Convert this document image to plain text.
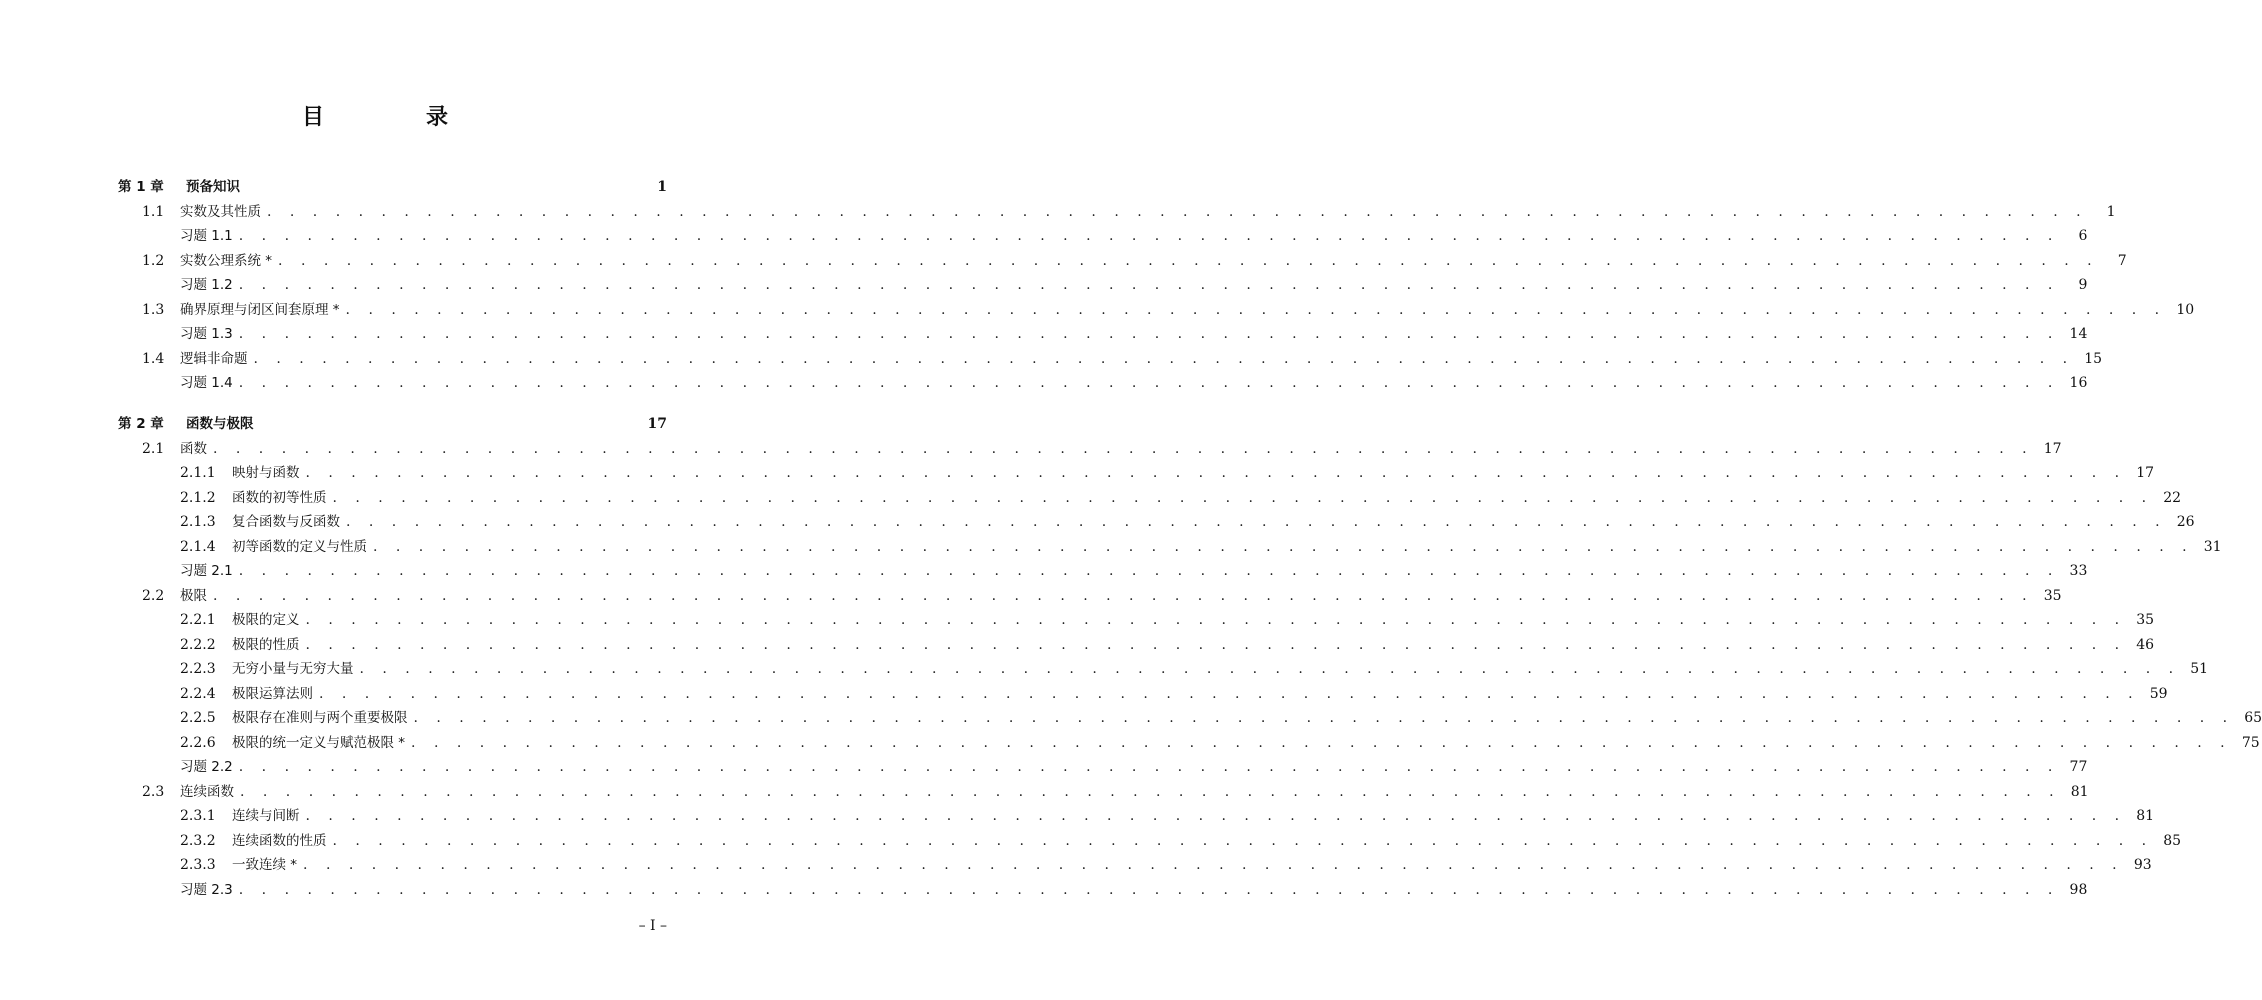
目　录
第 1 章	预备知识	1
1.1	实数及其性质 . . . . . . . . . . . . . . . . . . . . . . . . . . . . . . . . . . . . . . . . . . . . . . . . . . . . . . . . . . . . . . . . . . . . . . . . . . . . . . . .	1
习题 1.1 . . . . . . . . . . . . . . . . . . . . . . . . . . . . . . . . . . . . . . . . . . . . . . . . . . . . . . . . . . . . . . . . . . . . . . . . . . . . . . . .	6
1.2	实数公理系统 * . . . . . . . . . . . . . . . . . . . . . . . . . . . . . . . . . . . . . . . . . . . . . . . . . . . . . . . . . . . . . . . . . . . . . . . . . . . . . . . .	7
习题 1.2 . . . . . . . . . . . . . . . . . . . . . . . . . . . . . . . . . . . . . . . . . . . . . . . . . . . . . . . . . . . . . . . . . . . . . . . . . . . . . . . .	9
1.3	确界原理与闭区间套原理 * . . . . . . . . . . . . . . . . . . . . . . . . . . . . . . . . . . . . . . . . . . . . . . . . . . . . . . . . . . . . . . . . . . . . . . . . . . . . . . . . 10
习题 1.3 . . . . . . . . . . . . . . . . . . . . . . . . . . . . . . . . . . . . . . . . . . . . . . . . . . . . . . . . . . . . . . . . . . . . . . . . . . . . . . . . 14
1.4	逻辑非命题 . . . . . . . . . . . . . . . . . . . . . . . . . . . . . . . . . . . . . . . . . . . . . . . . . . . . . . . . . . . . . . . . . . . . . . . . . . . . . . . . 15
习题 1.4 . . . . . . . . . . . . . . . . . . . . . . . . . . . . . . . . . . . . . . . . . . . . . . . . . . . . . . . . . . . . . . . . . . . . . . . . . . . . . . . . 16
第 2 章	函数与极限	17
2.1	函数 . . . . . . . . . . . . . . . . . . . . . . . . . . . . . . . . . . . . . . . . . . . . . . . . . . . . . . . . . . . . . . . . . . . . . . . . . . . . . . . . 17
2.1.1	映射与函数 . . . . . . . . . . . . . . . . . . . . . . . . . . . . . . . . . . . . . . . . . . . . . . . . . . . . . . . . . . . . . . . . . . . . . . . . . . . . . . . . 17
2.1.2	函数的初等性质 . . . . . . . . . . . . . . . . . . . . . . . . . . . . . . . . . . . . . . . . . . . . . . . . . . . . . . . . . . . . . . . . . . . . . . . . . . . . . . . . 22
2.1.3	复合函数与反函数 . . . . . . . . . . . . . . . . . . . . . . . . . . . . . . . . . . . . . . . . . . . . . . . . . . . . . . . . . . . . . . . . . . . . . . . . . . . . . . . . 26
2.1.4	初等函数的定义与性质 . . . . . . . . . . . . . . . . . . . . . . . . . . . . . . . . . . . . . . . . . . . . . . . . . . . . . . . . . . . . . . . . . . . . . . . . . . . . . . . . 31
习题 2.1 . . . . . . . . . . . . . . . . . . . . . . . . . . . . . . . . . . . . . . . . . . . . . . . . . . . . . . . . . . . . . . . . . . . . . . . . . . . . . . . . 33
2.2	极限 . . . . . . . . . . . . . . . . . . . . . . . . . . . . . . . . . . . . . . . . . . . . . . . . . . . . . . . . . . . . . . . . . . . . . . . . . . . . . . . . 35
2.2.1	极限的定义 . . . . . . . . . . . . . . . . . . . . . . . . . . . . . . . . . . . . . . . . . . . . . . . . . . . . . . . . . . . . . . . . . . . . . . . . . . . . . . . . 35
2.2.2	极限的性质 . . . . . . . . . . . . . . . . . . . . . . . . . . . . . . . . . . . . . . . . . . . . . . . . . . . . . . . . . . . . . . . . . . . . . . . . . . . . . . . . 46
2.2.3	无穷小量与无穷大量 . . . . . . . . . . . . . . . . . . . . . . . . . . . . . . . . . . . . . . . . . . . . . . . . . . . . . . . . . . . . . . . . . . . . . . . . . . . . . . . . 51
2.2.4	极限运算法则 . . . . . . . . . . . . . . . . . . . . . . . . . . . . . . . . . . . . . . . . . . . . . . . . . . . . . . . . . . . . . . . . . . . . . . . . . . . . . . . . 59
2.2.5	极限存在准则与两个重要极限 . . . . . . . . . . . . . . . . . . . . . . . . . . . . . . . . . . . . . . . . . . . . . . . . . . . . . . . . . . . . . . . . . . . . . . . . . . . . . . . . 65
2.2.6	极限的统一定义与赋范极限 * . . . . . . . . . . . . . . . . . . . . . . . . . . . . . . . . . . . . . . . . . . . . . . . . . . . . . . . . . . . . . . . . . . . . . . . . . . . . . . . . 75
习题 2.2 . . . . . . . . . . . . . . . . . . . . . . . . . . . . . . . . . . . . . . . . . . . . . . . . . . . . . . . . . . . . . . . . . . . . . . . . . . . . . . . . 77
2.3	连续函数 . . . . . . . . . . . . . . . . . . . . . . . . . . . . . . . . . . . . . . . . . . . . . . . . . . . . . . . . . . . . . . . . . . . . . . . . . . . . . . . . 81
2.3.1	连续与间断 . . . . . . . . . . . . . . . . . . . . . . . . . . . . . . . . . . . . . . . . . . . . . . . . . . . . . . . . . . . . . . . . . . . . . . . . . . . . . . . . 81
2.3.2	连续函数的性质 . . . . . . . . . . . . . . . . . . . . . . . . . . . . . . . . . . . . . . . . . . . . . . . . . . . . . . . . . . . . . . . . . . . . . . . . . . . . . . . . 85
2.3.3	一致连续 * . . . . . . . . . . . . . . . . . . . . . . . . . . . . . . . . . . . . . . . . . . . . . . . . . . . . . . . . . . . . . . . . . . . . . . . . . . . . . . . . 93
习题 2.3 . . . . . . . . . . . . . . . . . . . . . . . . . . . . . . . . . . . . . . . . . . . . . . . . . . . . . . . . . . . . . . . . . . . . . . . . . . . . . . . . 98
– I –
